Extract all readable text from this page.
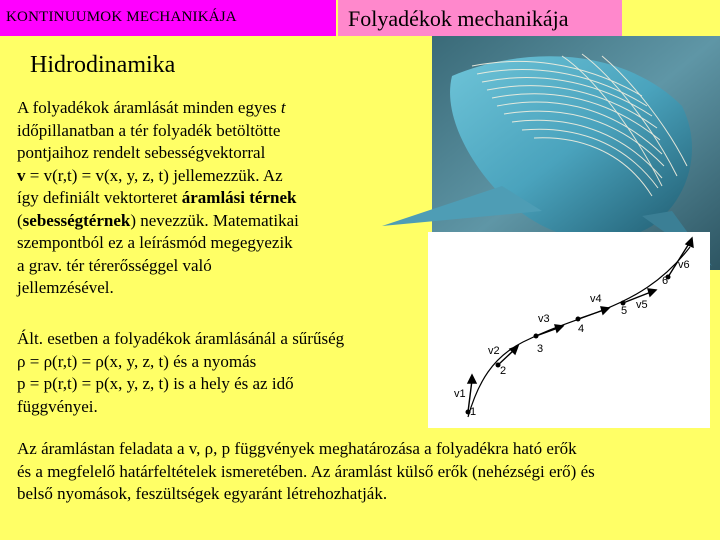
KONTINUUMOK MECHANIKÁJA	Folyadékok mechanikája
Hidrodinamika
1
2
3
4
5
6
v1
v2
v3
v4	v5
v6

A folyadékok áramlását minden egyes t
időpillanatban a tér folyadék betöltötte
pontjaihoz rendelt sebességvektorral
v = v(r,t) = v(x, y, z, t) jellemezzük. Az
így definiált vektorteret áramlási térnek
(sebességtérnek) nevezzük. Matematikai
szempontból ez a leírásmód megegyezik
a grav. tér térerősséggel való
jellemzésével.

Ált. esetben a folyadékok áramlásánál a sűrűség
ρ = ρ(r,t) = ρ(x, y, z, t) és a nyomás
p = p(r,t) = p(x, y, z, t) is a hely és az idő
függvényei.

Az áramlástan feladata a v, ρ, p függvények meghatározása a folyadékra ható erők
és a megfelelő határfeltételek ismeretében. Az áramlást külső erők (nehézségi erő) és
belső nyomások, feszültségek egyaránt létrehozhatják.
